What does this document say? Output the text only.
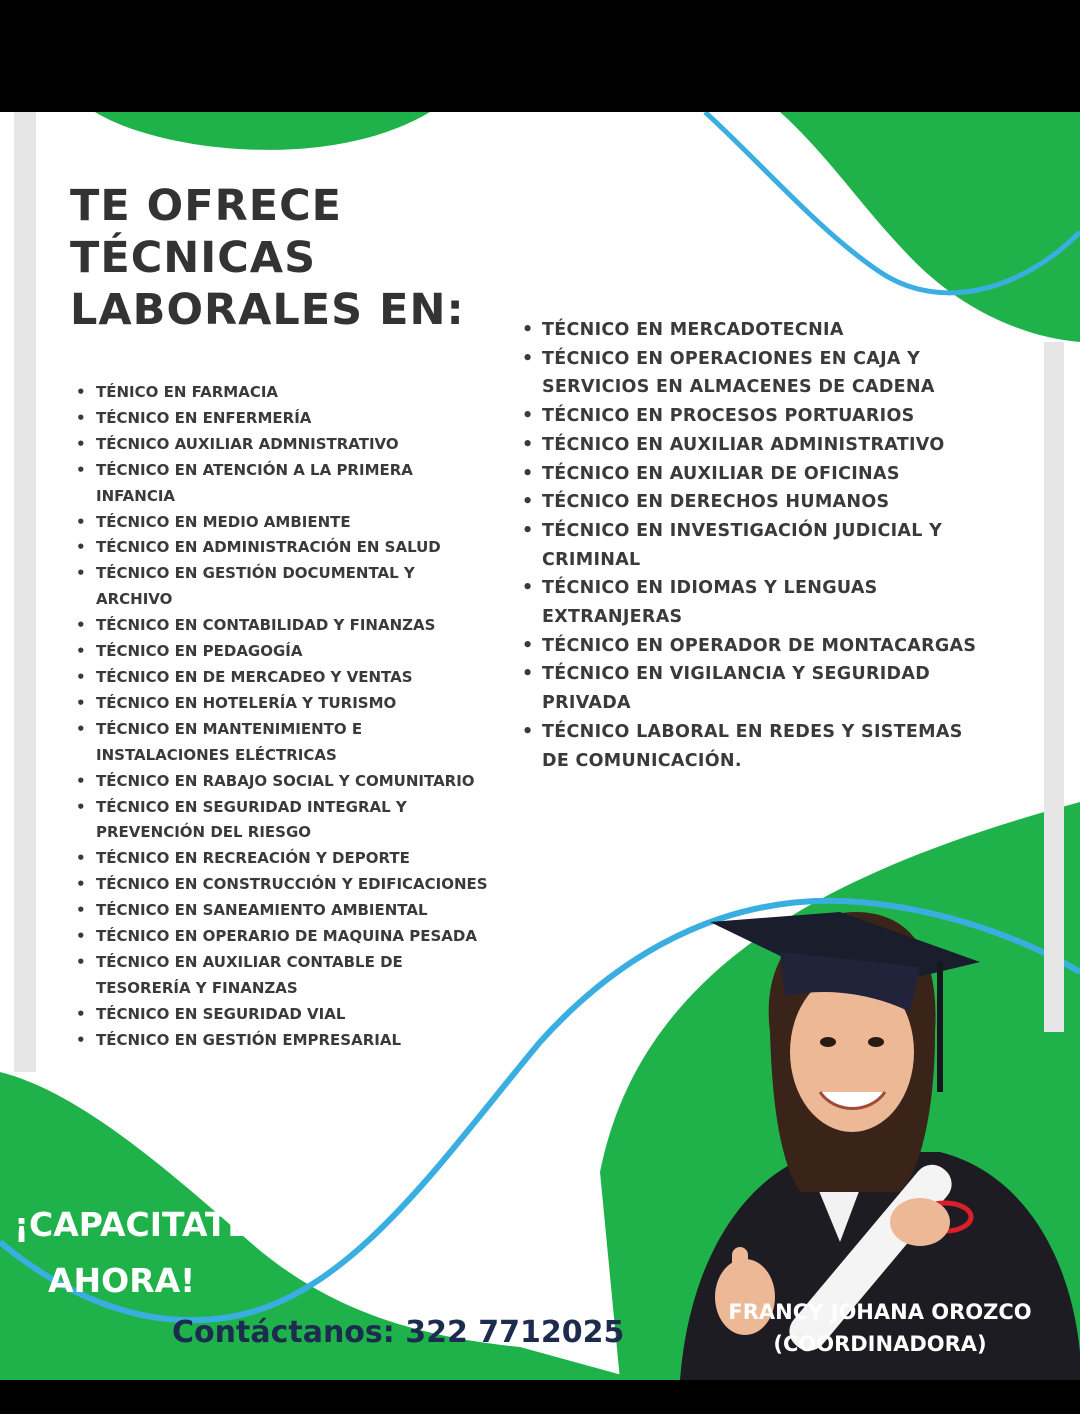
TE OFRECE
TÉCNICAS
LABORALES EN:
• TÉNICO EN FARMACIA
• TÉCNICO EN ENFERMERÍA
• TÉCNICO AUXILIAR ADMNISTRATIVO
• TÉCNICO EN ATENCIÓN A LA PRIMERA INFANCIA
• TÉCNICO EN MEDIO AMBIENTE
• TÉCNICO EN ADMINISTRACIÓN EN SALUD
• TÉCNICO EN GESTIÓN DOCUMENTAL Y ARCHIVO
• TÉCNICO EN CONTABILIDAD Y FINANZAS
• TÉCNICO EN PEDAGOGÍA
• TÉCNICO EN DE MERCADEO Y VENTAS
• TÉCNICO EN HOTELERÍA Y TURISMO
• TÉCNICO EN MANTENIMIENTO E INSTALACIONES ELÉCTRICAS
• TÉCNICO EN RABAJO SOCIAL Y COMUNITARIO
• TÉCNICO EN SEGURIDAD INTEGRAL Y PREVENCIÓN DEL RIESGO
• TÉCNICO EN RECREACIÓN Y DEPORTE
• TÉCNICO EN CONSTRUCCIÓN Y EDIFICACIONES
• TÉCNICO EN SANEAMIENTO AMBIENTAL
• TÉCNICO EN OPERARIO DE MAQUINA PESADA
• TÉCNICO EN AUXILIAR CONTABLE DE TESORERÍA Y FINANZAS
• TÉCNICO EN SEGURIDAD VIAL
• TÉCNICO EN GESTIÓN EMPRESARIAL
• TÉCNICO EN MERCADOTECNIA
• TÉCNICO EN OPERACIONES EN CAJA Y SERVICIOS EN ALMACENES DE CADENA
• TÉCNICO EN PROCESOS PORTUARIOS
• TÉCNICO EN AUXILIAR ADMINISTRATIVO
• TÉCNICO EN AUXILIAR DE OFICINAS
• TÉCNICO EN DERECHOS HUMANOS
• TÉCNICO EN INVESTIGACIÓN JUDICIAL Y CRIMINAL
• TÉCNICO EN IDIOMAS Y LENGUAS EXTRANJERAS
• TÉCNICO EN OPERADOR DE MONTACARGAS
• TÉCNICO EN VIGILANCIA Y SEGURIDAD PRIVADA
• TÉCNICO LABORAL EN REDES Y SISTEMAS DE COMUNICACIÓN.
¡CAPACITATE
AHORA!
Contáctanos: 322 7712025
FRANCY JOHANA OROZCO
(COORDINADORA)
